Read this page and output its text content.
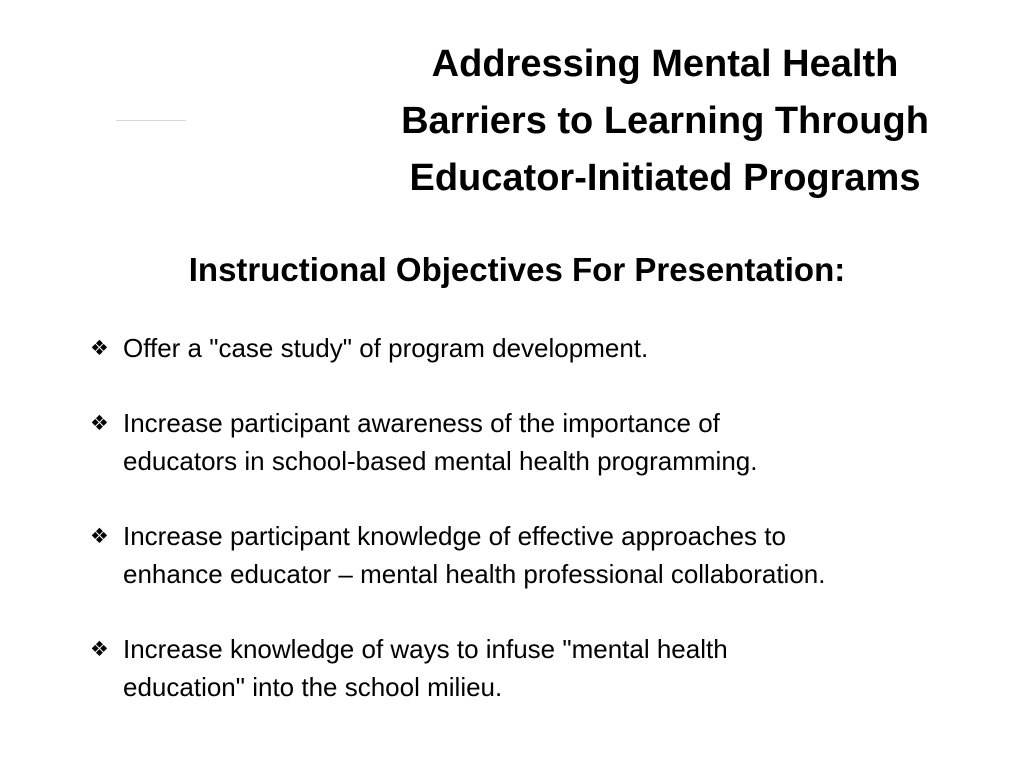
Addressing Mental Health
Barriers to Learning Through
Educator-Initiated Programs
Instructional Objectives For Presentation:
❖ Offer a "case study" of program development.
❖ Increase participant awareness of the importance of
educators in school-based mental health programming.
❖ Increase participant knowledge of effective approaches to
enhance educator – mental health professional collaboration.
❖ Increase knowledge of ways to infuse "mental health
education" into the school milieu.
